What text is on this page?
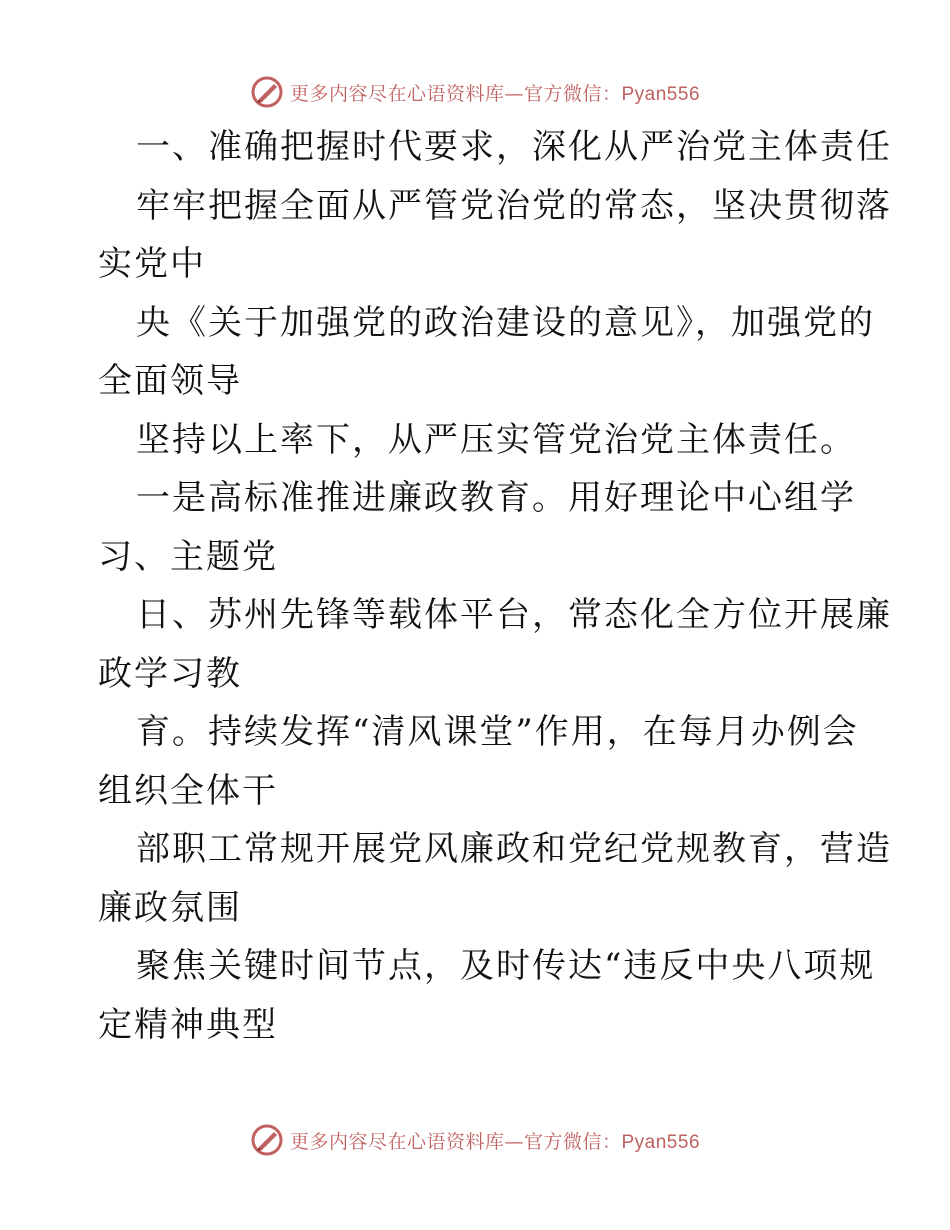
更多内容尽在心语资料库—官方微信：Pyan556
一、准确把握时代要求，深化从严治党主体责任
牢牢把握全面从严管党治党的常态，坚决贯彻落
实党中
央《关于加强党的政治建设的意见》，加强党的
全面领导
坚持以上率下，从严压实管党治党主体责任。
一是高标准推进廉政教育。用好理论中心组学
习、主题党
日、苏州先锋等载体平台，常态化全方位开展廉
政学习教
育。持续发挥“清风课堂”作用，在每月办例会
组织全体干
部职工常规开展党风廉政和党纪党规教育，营造
廉政氛围
聚焦关键时间节点，及时传达“违反中央八项规
定精神典型
更多内容尽在心语资料库—官方微信：Pyan556
